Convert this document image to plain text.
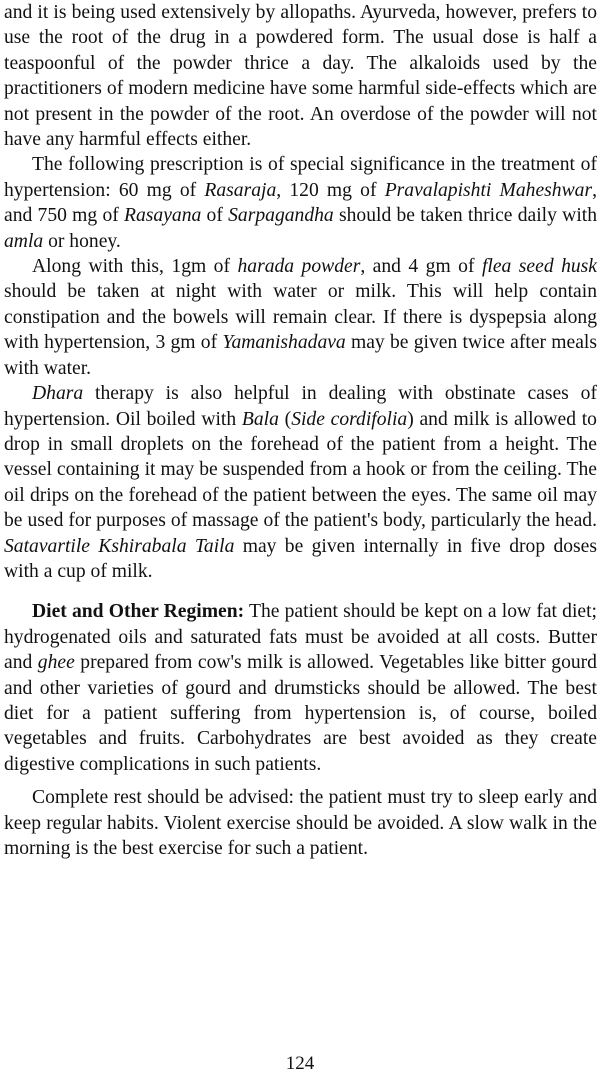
and it is being used extensively by allopaths. Ayurveda, however, prefers to use the root of the drug in a powdered form. The usual dose is half a teaspoonful of the powder thrice a day. The alkaloids used by the practitioners of modern medicine have some harmful side-effects which are not present in the powder of the root. An overdose of the powder will not have any harmful effects either.

The following prescription is of special significance in the treatment of hypertension: 60 mg of Rasaraja, 120 mg of Pravalapishti Maheshwar, and 750 mg of Rasayana of Sarpagandha should be taken thrice daily with amla or honey.

Along with this, 1gm of harada powder, and 4 gm of flea seed husk should be taken at night with water or milk. This will help contain constipation and the bowels will remain clear. If there is dyspepsia along with hypertension, 3 gm of Yamanishadava may be given twice after meals with water.

Dhara therapy is also helpful in dealing with obstinate cases of hypertension. Oil boiled with Bala (Side cordifolia) and milk is allowed to drop in small droplets on the forehead of the patient from a height. The vessel containing it may be suspended from a hook or from the ceiling. The oil drips on the forehead of the patient between the eyes. The same oil may be used for purposes of massage of the patient's body, particularly the head. Satavartile Kshirabala Taila may be given internally in five drop doses with a cup of milk.

Diet and Other Regimen: The patient should be kept on a low fat diet; hydrogenated oils and saturated fats must be avoided at all costs. Butter and ghee prepared from cow's milk is allowed. Vegetables like bitter gourd and other varieties of gourd and drumsticks should be allowed. The best diet for a patient suffering from hypertension is, of course, boiled vegetables and fruits. Carbohydrates are best avoided as they create digestive complications in such patients.

Complete rest should be advised: the patient must try to sleep early and keep regular habits. Violent exercise should be avoided. A slow walk in the morning is the best exercise for such a patient.

124
